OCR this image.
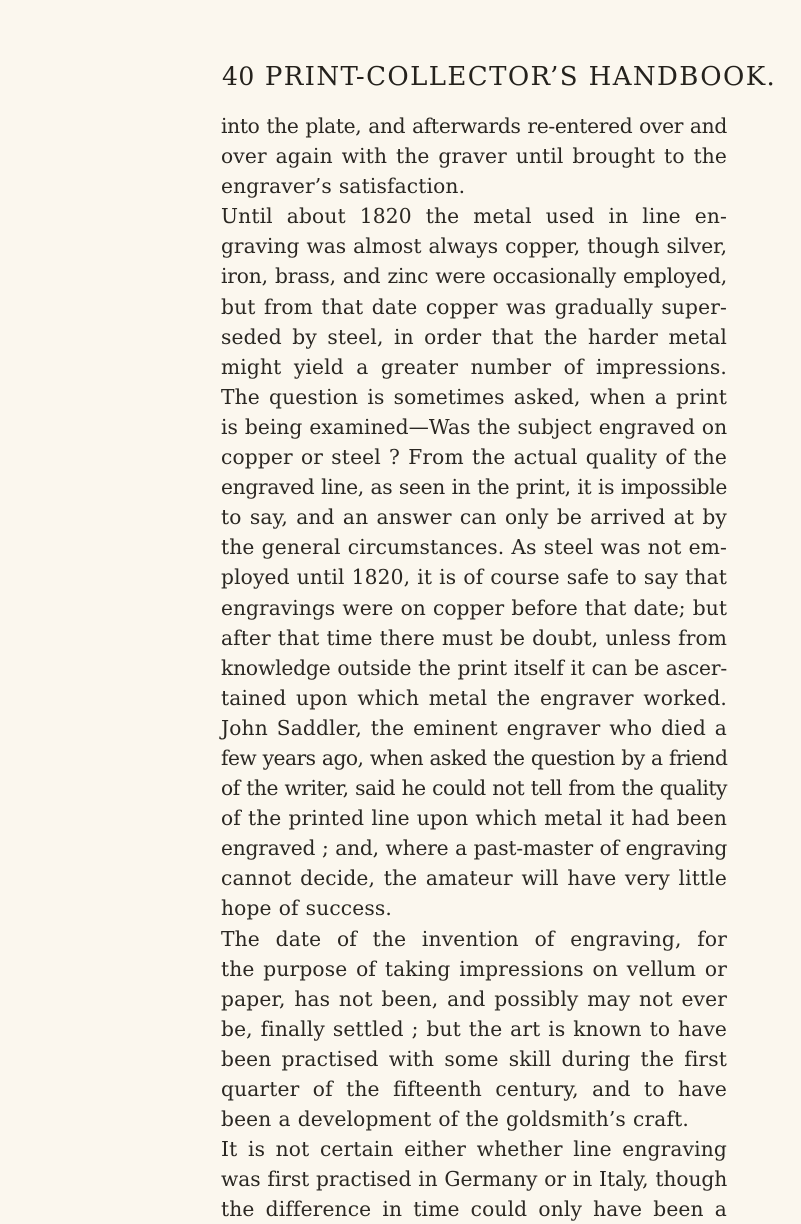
40 PRINT-COLLECTOR’S HANDBOOK.
into the plate, and afterwards re-entered over and
over again with the graver until brought to the
engraver’s satisfaction.
Until about 1820 the metal used in line en-
graving was almost always copper, though silver,
iron, brass, and zinc were occasionally employed,
but from that date copper was gradually super-
seded by steel, in order that the harder metal
might yield a greater number of impressions.
The question is sometimes asked, when a print
is being examined—Was the subject engraved on
copper or steel ? From the actual quality of the
engraved line, as seen in the print, it is impossible
to say, and an answer can only be arrived at by
the general circumstances. As steel was not em-
ployed until 1820, it is of course safe to say that
engravings were on copper before that date; but
after that time there must be doubt, unless from
knowledge outside the print itself it can be ascer-
tained upon which metal the engraver worked.
John Saddler, the eminent engraver who died a
few years ago, when asked the question by a friend
of the writer, said he could not tell from the quality
of the printed line upon which metal it had been
engraved ; and, where a past-master of engraving
cannot decide, the amateur will have very little
hope of success.
The date of the invention of engraving, for
the purpose of taking impressions on vellum or
paper, has not been, and possibly may not ever
be, finally settled ; but the art is known to have
been practised with some skill during the first
quarter of the fifteenth century, and to have
been a development of the goldsmith’s craft.
It is not certain either whether line engraving
was first practised in Germany or in Italy, though
the difference in time could only have been a
